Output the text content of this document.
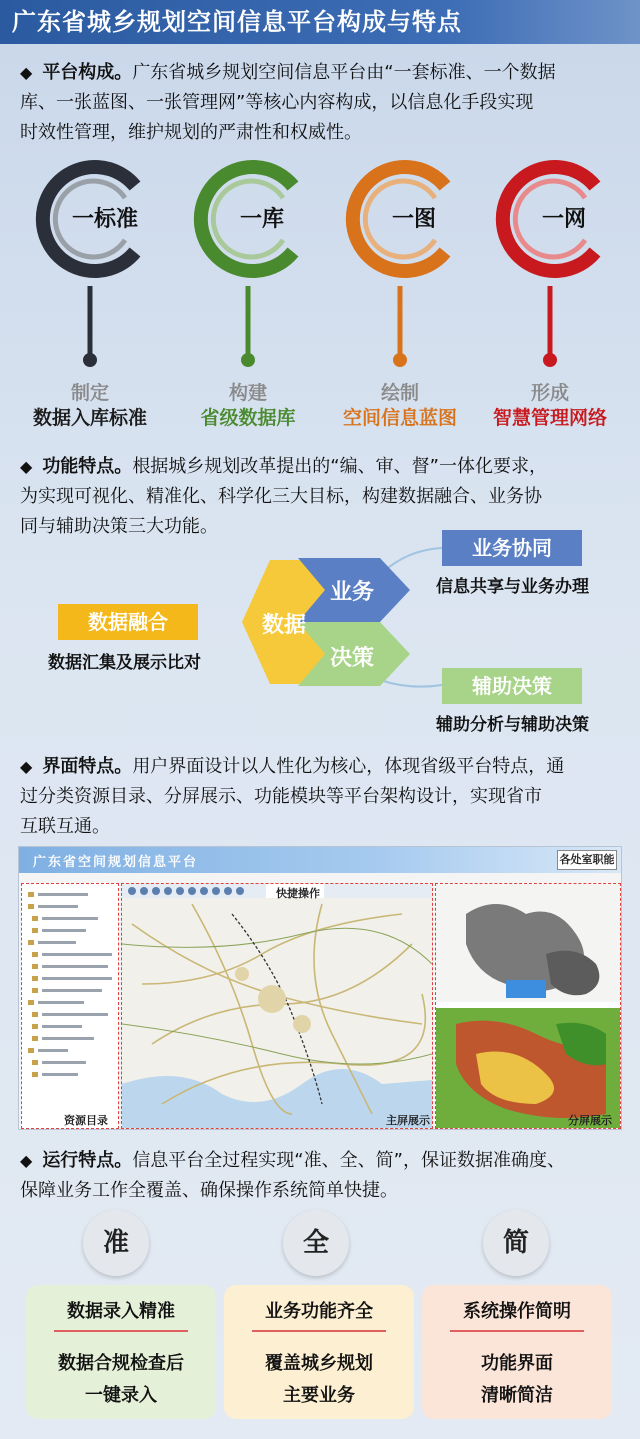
广东省城乡规划空间信息平台构成与特点
◆ 平台构成。广东省城乡规划空间信息平台由“一套标准、一个数据
库、一张蓝图、一张管理网”等核心内容构成，以信息化手段实现
时效性管理，维护规划的严肃性和权威性。
一标准
制定
数据入库标准
一库
构建
省级数据库
一图
绘制
空间信息蓝图
一网
形成
智慧管理网络
◆ 功能特点。根据城乡规划改革提出的“编、审、督”一体化要求，
为实现可视化、精准化、科学化三大目标，构建数据融合、业务协
同与辅助决策三大功能。
数据
业务
决策
数据融合
数据汇集及展示比对
业务协同
信息共享与业务办理
辅助决策
辅助分析与辅助决策
◆ 界面特点。用户界面设计以人性化为核心，体现省级平台特点，通
过分类资源目录、分屏展示、功能模块等平台架构设计，实现省市
互联互通。
广东省空间规划信息平台	各处室职能
资源目录
快捷操作
主屏展示	分屏展示
◆ 运行特点。信息平台全过程实现“准、全、简”，保证数据准确度、
保障业务工作全覆盖、确保操作系统简单快捷。
准	全	简
数据录入精准
数据合规检查后
一键录入
业务功能齐全
覆盖城乡规划
主要业务
系统操作简明
功能界面
清晰简洁
